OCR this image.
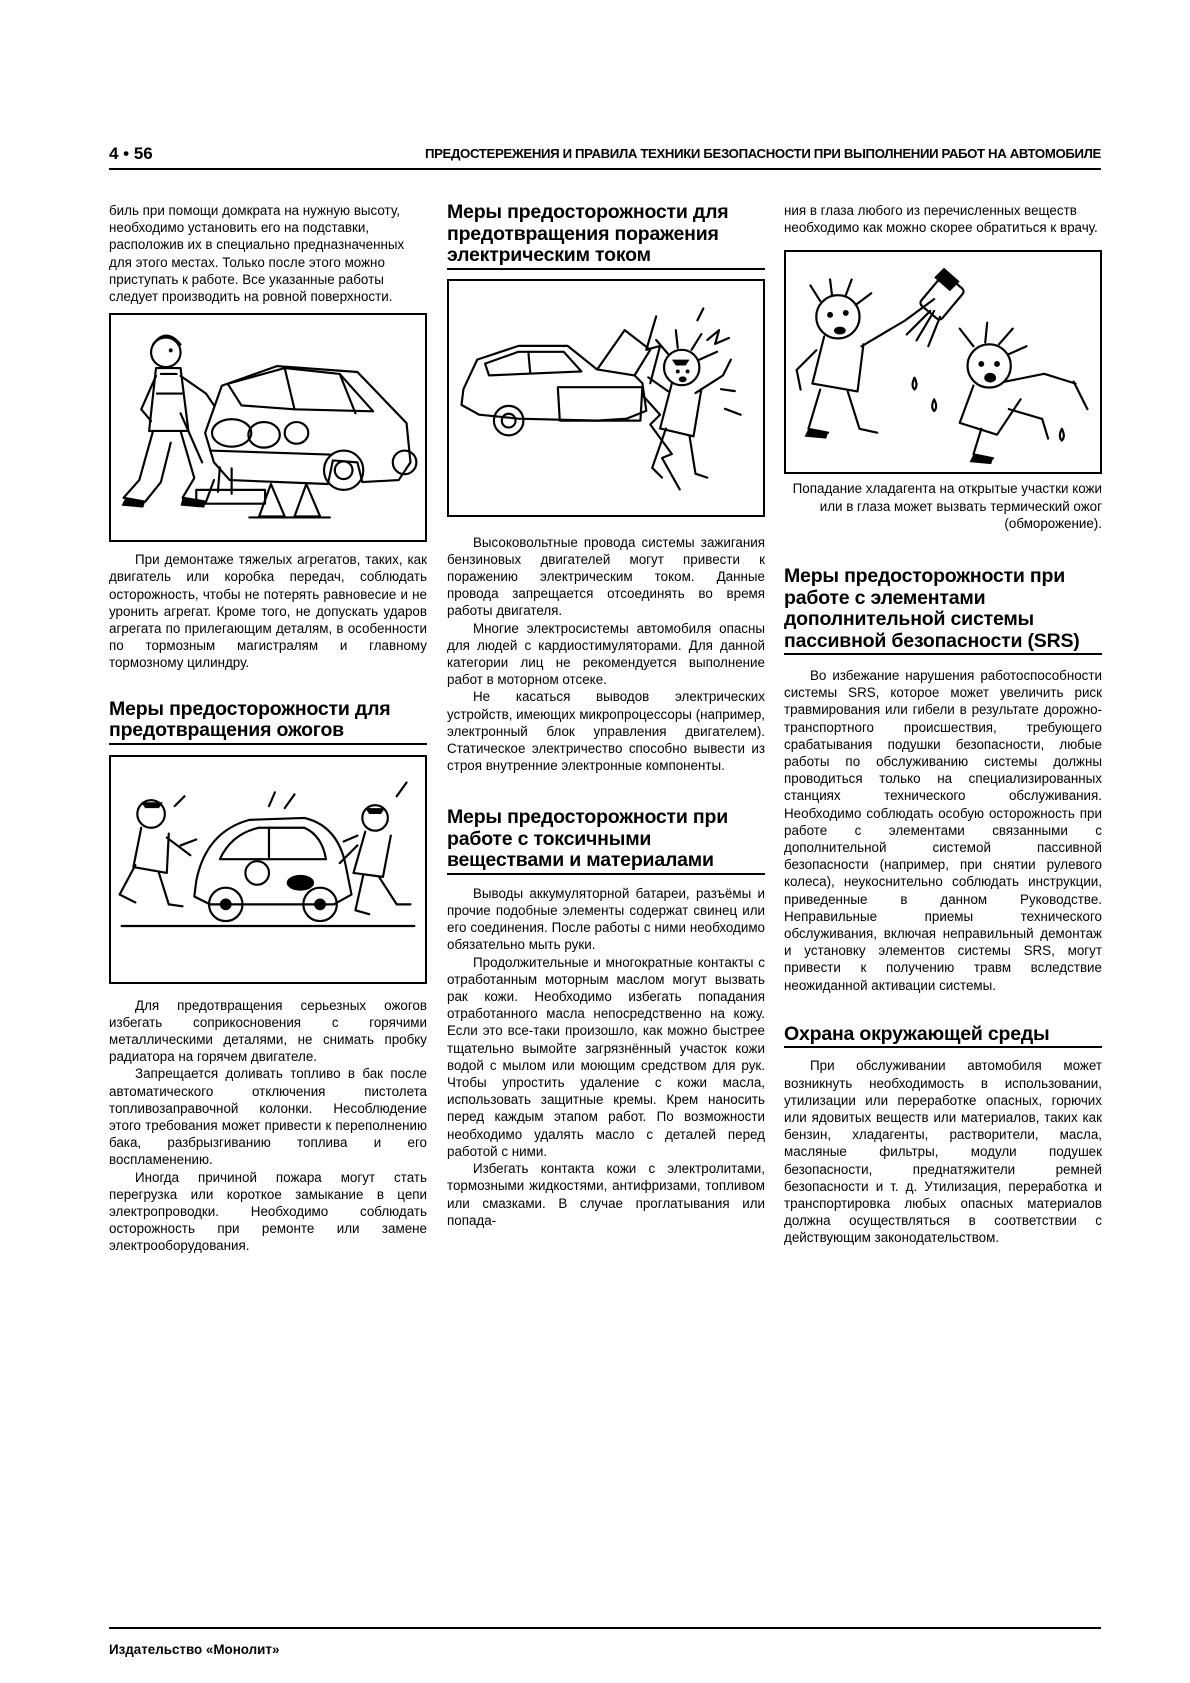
4 • 56	ПРЕДОСТЕРЕЖЕНИЯ И ПРАВИЛА ТЕХНИКИ БЕЗОПАСНОСТИ ПРИ ВЫПОЛНЕНИИ РАБОТ НА АВТОМОБИЛЕ

биль при помощи домкрата на нужную высоту, необходимо установить его на подставки, расположив их в специально предназначенных для этого местах. Только после этого можно приступать к работе. Все указанные работы следует производить на ровной поверхности.

При демонтаже тяжелых агрегатов, таких, как двигатель или коробка передач, соблюдать осторожность, чтобы не потерять равновесие и не уронить агрегат. Кроме того, не допускать ударов агрегата по прилегающим деталям, в особенности по тормозным магистралям и главному тормозному цилиндру.

Меры предосторожности для предотвращения ожогов

Для предотвращения серьезных ожогов избегать соприкосновения с горячими металлическими деталями, не снимать пробку радиатора на горячем двигателе.

Запрещается доливать топливо в бак после автоматического отключения пистолета топливозаправочной колонки. Несоблюдение этого требования может привести к переполнению бака, разбрызгиванию топлива и его воспламенению.

Иногда причиной пожара могут стать перегрузка или короткое замыкание в цепи электропроводки. Необходимо соблюдать осторожность при ремонте или замене электрооборудования.

Меры предосторожности для предотвращения поражения электрическим током

Высоковольтные провода системы зажигания бензиновых двигателей могут привести к поражению электрическим током. Данные провода запрещается отсоединять во время работы двигателя.

Многие электросистемы автомобиля опасны для людей с кардиостимуляторами. Для данной категории лиц не рекомендуется выполнение работ в моторном отсеке.

Не касаться выводов электрических устройств, имеющих микропроцессоры (например, электронный блок управления двигателем). Статическое электричество способно вывести из строя внутренние электронные компоненты.

Меры предосторожности при работе с токсичными веществами и материалами

Выводы аккумуляторной батареи, разъёмы и прочие подобные элементы содержат свинец или его соединения. После работы с ними необходимо обязательно мыть руки.

Продолжительные и многократные контакты с отработанным моторным маслом могут вызвать рак кожи. Необходимо избегать попадания отработанного масла непосредственно на кожу. Если это все-таки произошло, как можно быстрее тщательно вымойте загрязнённый участок кожи водой с мылом или моющим средством для рук. Чтобы упростить удаление с кожи масла, использовать защитные кремы. Крем наносить перед каждым этапом работ. По возможности необходимо удалять масло с деталей перед работой с ними.

Избегать контакта кожи с электролитами, тормозными жидкостями, антифризами, топливом или смазками. В случае проглатывания или попада-

ния в глаза любого из перечисленных веществ необходимо как можно скорее обратиться к врачу.

Попадание хладагента на открытые участки кожи или в глаза может вызвать термический ожог (обморожение).

Меры предосторожности при работе с элементами дополнительной системы пассивной безопасности (SRS)

Во избежание нарушения работоспособности системы SRS, которое может увеличить риск травмирования или гибели в результате дорожно-транспортного происшествия, требующего срабатывания подушки безопасности, любые работы по обслуживанию системы должны проводиться только на специализированных станциях технического обслуживания. Необходимо соблюдать особую осторожность при работе с элементами связанными с дополнительной системой пассивной безопасности (например, при снятии рулевого колеса), неукоснительно соблюдать инструкции, приведенные в данном Руководстве. Неправильные приемы технического обслуживания, включая неправильный демонтаж и установку элементов системы SRS, могут привести к получению травм вследствие неожиданной активации системы.

Охрана окружающей среды

При обслуживании автомобиля может возникнуть необходимость в использовании, утилизации или переработке опасных, горючих или ядовитых веществ или материалов, таких как бензин, хладагенты, растворители, масла, масляные фильтры, модули подушек безопасности, преднатяжители ремней безопасности и т. д. Утилизация, переработка и транспортировка любых опасных материалов должна осуществляться в соответствии с действующим законодательством.

Издательство «Монолит»
